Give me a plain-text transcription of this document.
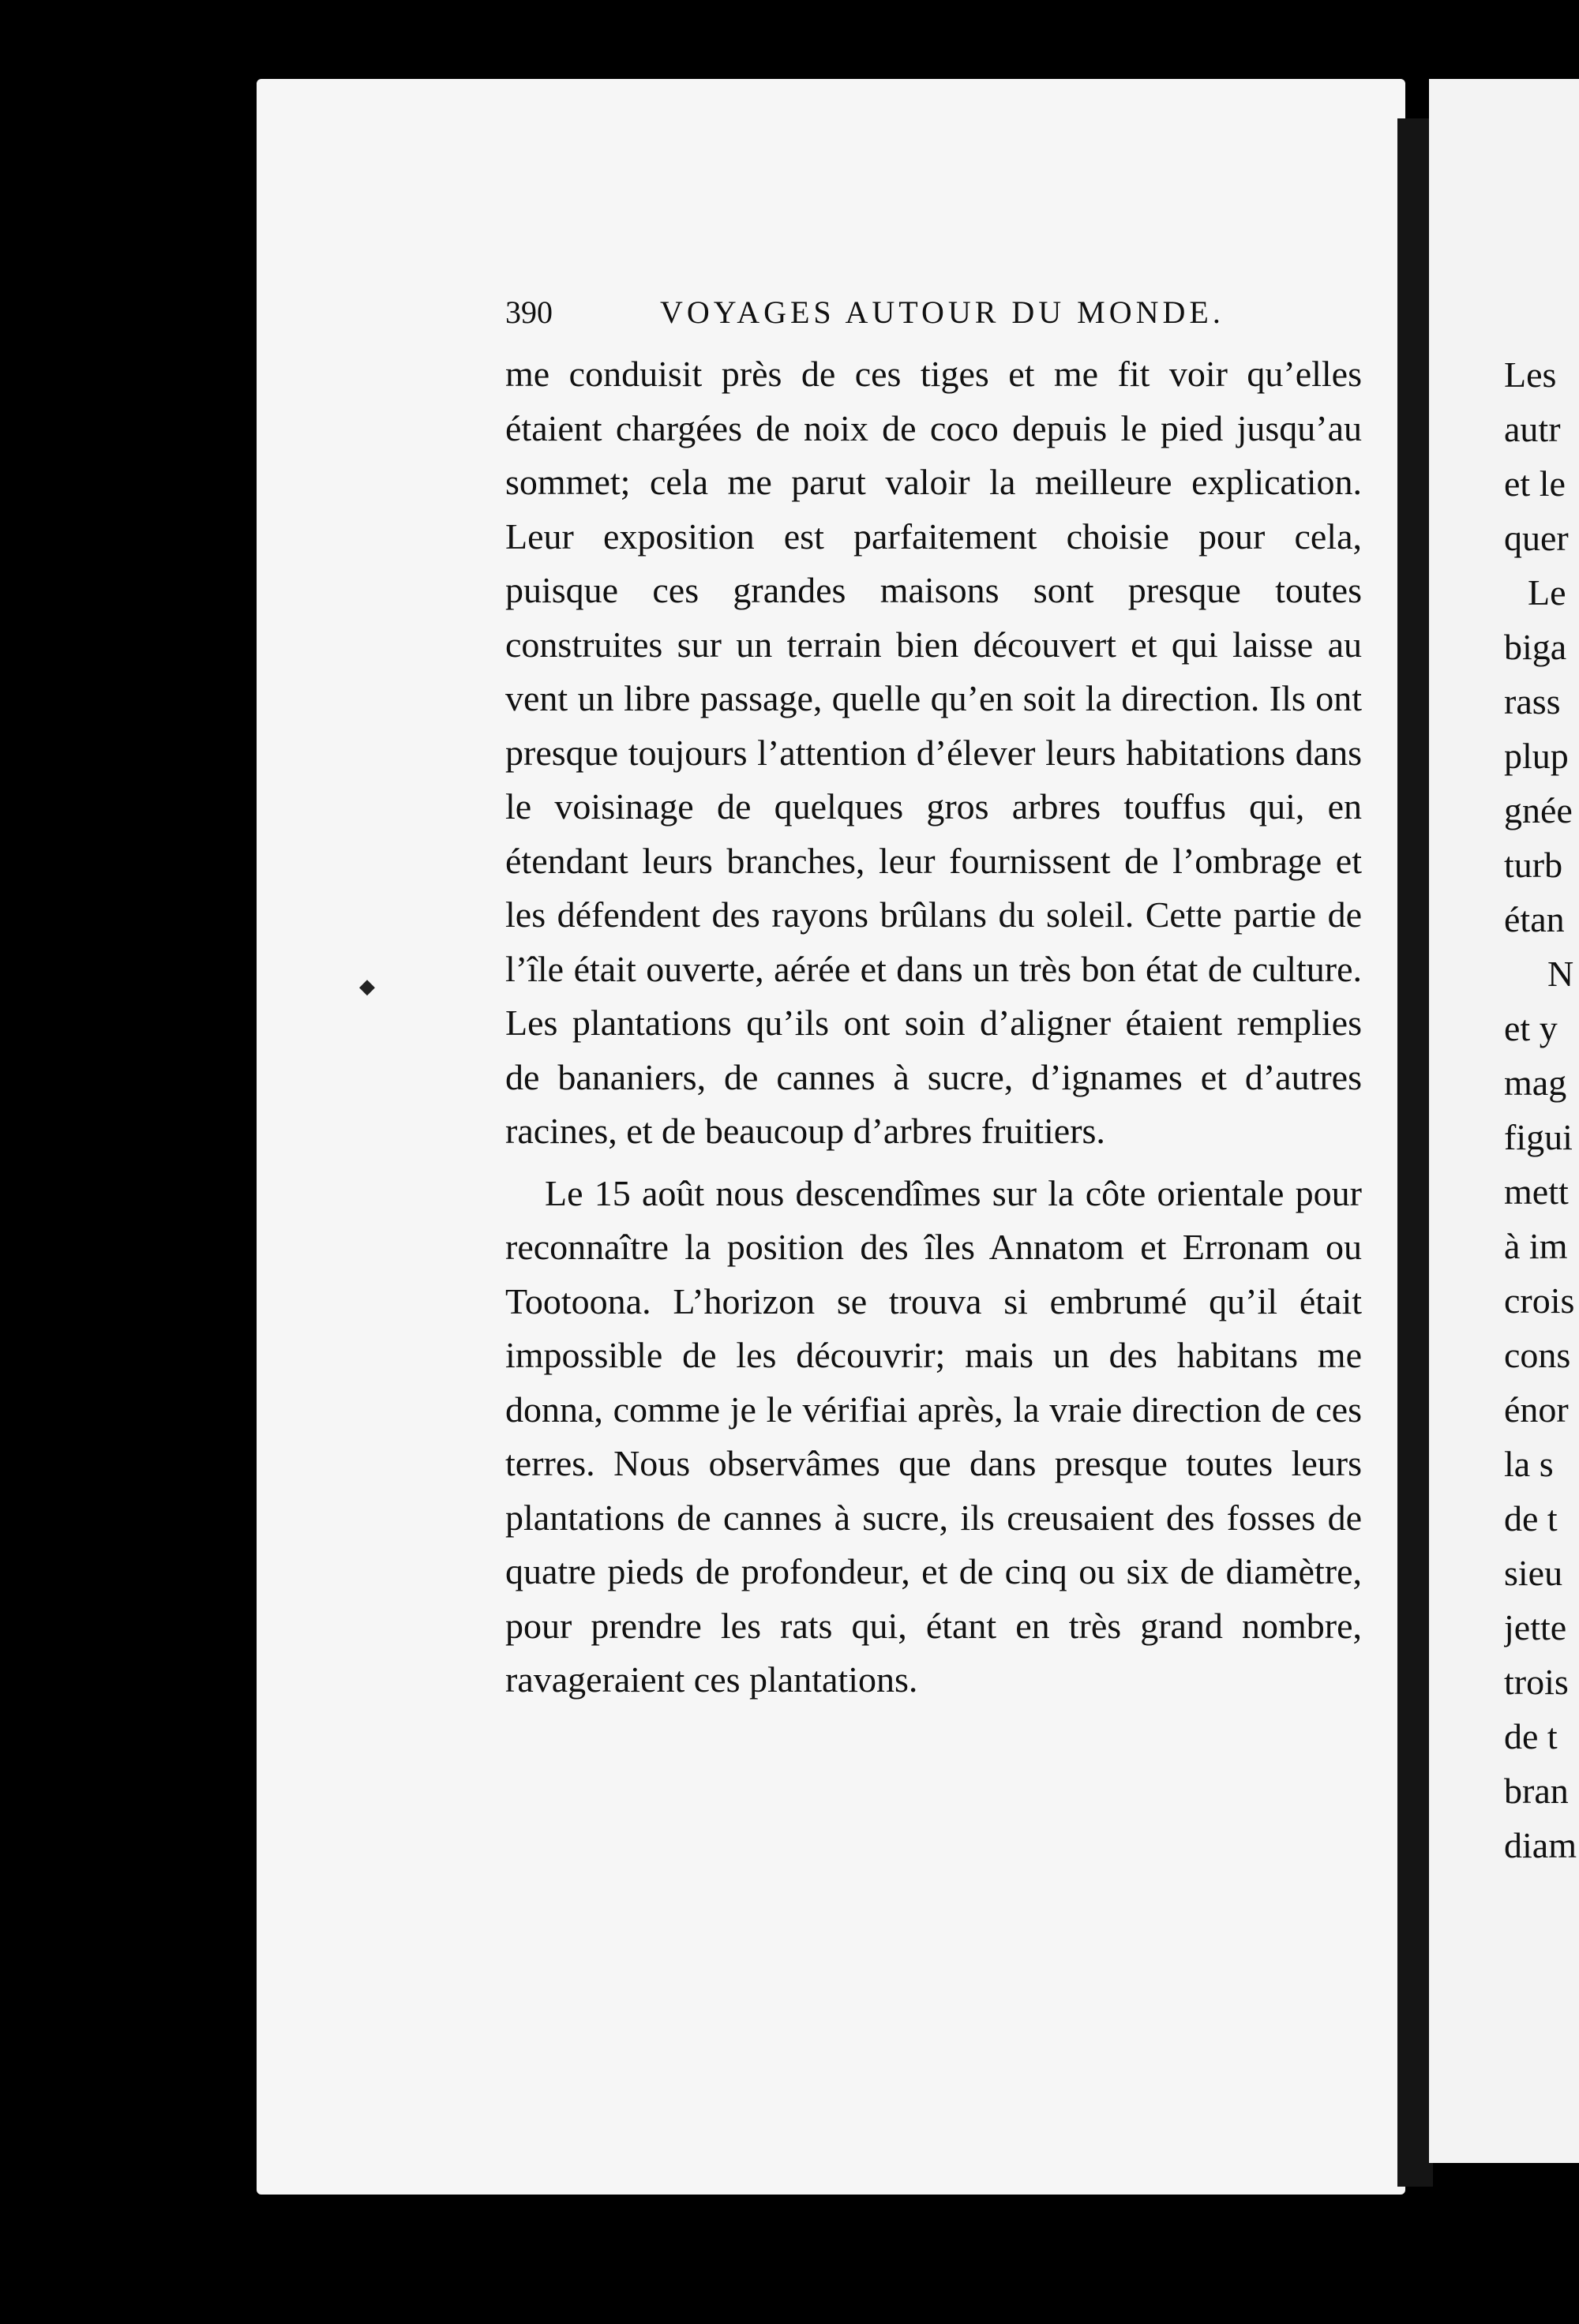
390	VOYAGES AUTOUR DU MONDE.

me conduisit près de ces tiges et me fit voir qu’elles étaient chargées de noix de coco depuis le pied jusqu’au sommet; cela me parut valoir la meilleure explication. Leur exposition est parfaitement choisie pour cela, puisque ces grandes maisons sont presque toutes construites sur un terrain bien découvert et qui laisse au vent un libre passage, quelle qu’en soit la direction. Ils ont presque toujours l’attention d’élever leurs habitations dans le voisinage de quelques gros arbres touffus qui, en étendant leurs branches, leur fournissent de l’ombrage et les défendent des rayons brûlans du soleil. Cette partie de l’île était ouverte, aérée et dans un très bon état de culture. Les plantations qu’ils ont soin d’aligner étaient remplies de bananiers, de cannes à sucre, d’ignames et d’autres racines, et de beaucoup d’arbres fruitiers.

Le 15 août nous descendîmes sur la côte orientale pour reconnaître la position des îles Annatom et Erronam ou Tootoona. L’horizon se trouva si embrumé qu’il était impossible de les découvrir; mais un des habitans me donna, comme je le vérifiai après, la vraie direction de ces terres. Nous observâmes que dans presque toutes leurs plantations de cannes à sucre, ils creusaient des fosses de quatre pieds de profondeur, et de cinq ou six de diamètre, pour prendre les rats qui, étant en très grand nombre, ravageraient ces plantations.

Les
autr
et le
quer
Le
biga
rass
plup
gnée
turb
étan
N
et y
mag
figui
mett
à im
crois
cons
énor
la s
de t
sieu
jette
trois
de t
bran
diam
◆
